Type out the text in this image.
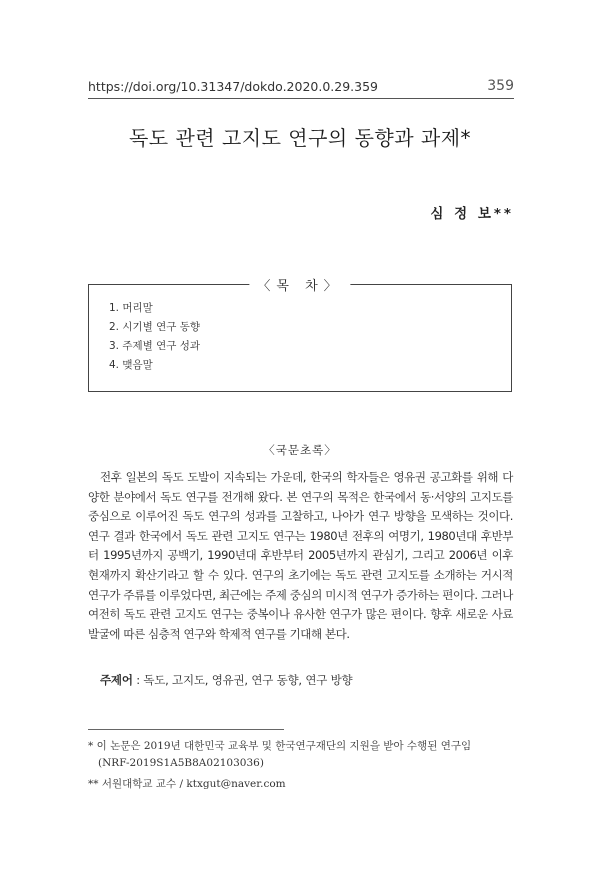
https://doi.org/10.31347/dokdo.2020.0.29.359	359
독도 관련 고지도 연구의 동향과 과제*
심 정 보**
〈목 차〉
1. 머리말
2. 시기별 연구 동향
3. 주제별 연구 성과
4. 맺음말
〈국문초록〉

전후 일본의 독도 도발이 지속되는 가운데, 한국의 학자들은 영유권 공고화를 위해 다양한 분야에서 독도 연구를 전개해 왔다. 본 연구의 목적은 한국에서 동·서양의 고지도를 중심으로 이루어진 독도 연구의 성과를 고찰하고, 나아가 연구 방향을 모색하는 것이다. 연구 결과 한국에서 독도 관련 고지도 연구는 1980년 전후의 여명기, 1980년대 후반부터 1995년까지 공백기, 1990년대 후반부터 2005년까지 관심기, 그리고 2006년 이후 현재까지 확산기라고 할 수 있다. 연구의 초기에는 독도 관련 고지도를 소개하는 거시적 연구가 주류를 이루었다면, 최근에는 주제 중심의 미시적 연구가 증가하는 편이다. 그러나 여전히 독도 관련 고지도 연구는 중복이나 유사한 연구가 많은 편이다. 향후 새로운 사료 발굴에 따른 심층적 연구와 학제적 연구를 기대해 본다.

주제어 : 독도, 고지도, 영유권, 연구 동향, 연구 방향

* 이 논문은 2019년 대한민국 교육부 및 한국연구재단의 지원을 받아 수행된 연구임
(NRF-2019S1A5B8A02103036)

** 서원대학교 교수 / ktxgut@naver.com
